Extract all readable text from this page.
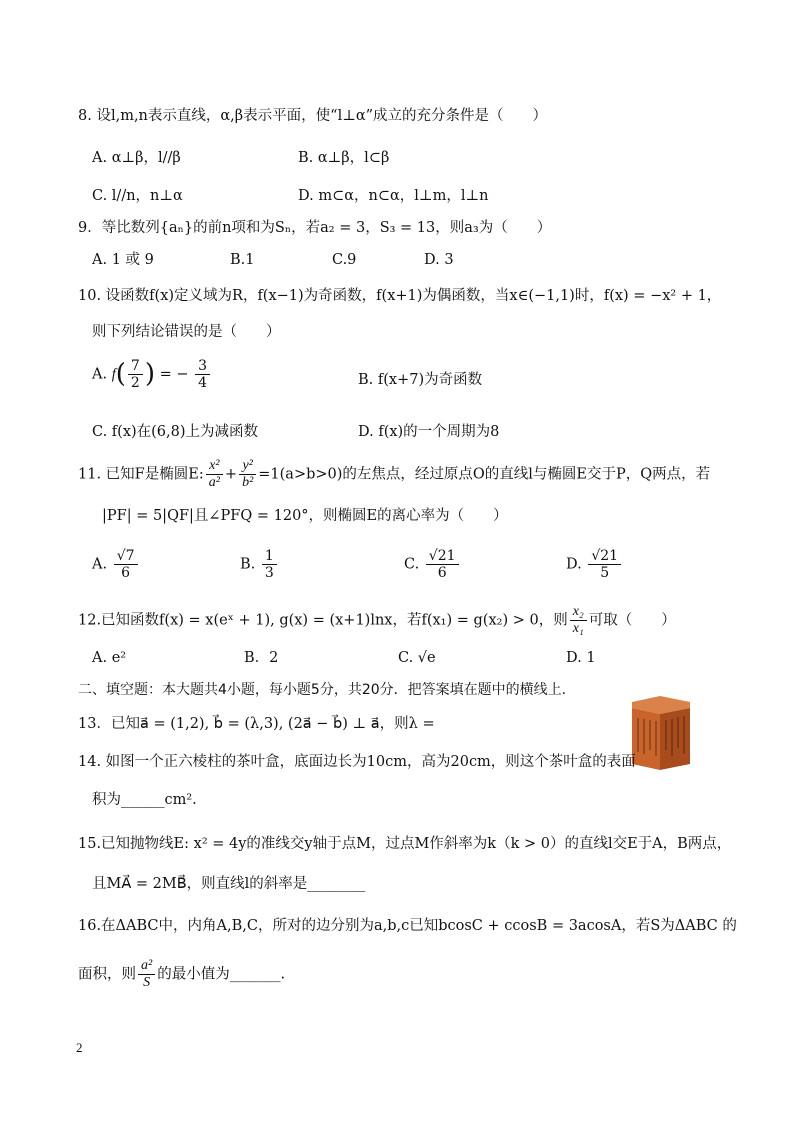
8. 设l,m,n表示直线，α,β表示平面，使“l⊥α”成立的充分条件是（　　）
A. α⊥β，l//β	B. α⊥β，l⊂β
C. l//n，n⊥α	D. m⊂α，n⊂α，l⊥m，l⊥n
9．等比数列{aₙ}的前n项和为Sₙ，若a₂ = 3，S₃ = 13，则a₃为（　　）
A. 1 或 9	B.1	C.9	D. 3
10. 设函数f(x)定义域为R，f(x−1)为奇函数，f(x+1)为偶函数，当x∈(−1,1)时，f(x) = −x² + 1，
则下列结论错误的是（　　）
A. $f( \frac{7}{2}$ ) = − $\frac{3}{4}$	B. f(x+7)为奇函数
C. f(x)在(6,8)上为减函数	D. f(x)的一个周期为8
11. 已知F是椭圆E: $\frac{\text{x²}}{\text{a²}} + \frac{\text{y²}}{\text{b²}} =1(a>b>0)$的左焦点，经过原点O的直线l与椭圆E交于P，Q两点，若
|PF| = 5|QF|且∠PFQ = 120°，则椭圆E的离心率为（　　）
A. $\frac{√7}{6}$	B. $\frac{1}{3}$	C. $\frac{√21}{6}$	D. $\frac{√21}{5}$
12.已知函数f(x) = x(eˣ + 1), g(x) = (x+1)lnx，若f(x₁) = g(x₂) > 0，则 $\frac{\text{x₂}}{\text{x₁}}$ 可取（　　）
A. e²	B．2	C. √e	D. 1
二、填空题：本大题共4小题，每小题5分，共20分．把答案填在题中的横线上.
13．已知a⃗ = (1,2), b⃗ = (λ,3), (2a⃗ − b⃗) ⊥ a⃗，则λ =
14. 如图一个正六棱柱的茶叶盒，底面边长为10cm，高为20cm，则这个茶叶盒的表面
积为______cm².
15.已知抛物线E: x² = 4y的准线交y轴于点M，过点M作斜率为k（k > 0）的直线l交E于A，B两点，
且MA⃗ = 2MB⃗，则直线l的斜率是________
16.在ΔABC中，内角A,B,C，所对的边分别为a,b,c已知bcosC + ccosB = 3acosA，若S为ΔABC 的
面积，则 $\frac{\text{a²}}{S}$ 的最小值为_______.
2
